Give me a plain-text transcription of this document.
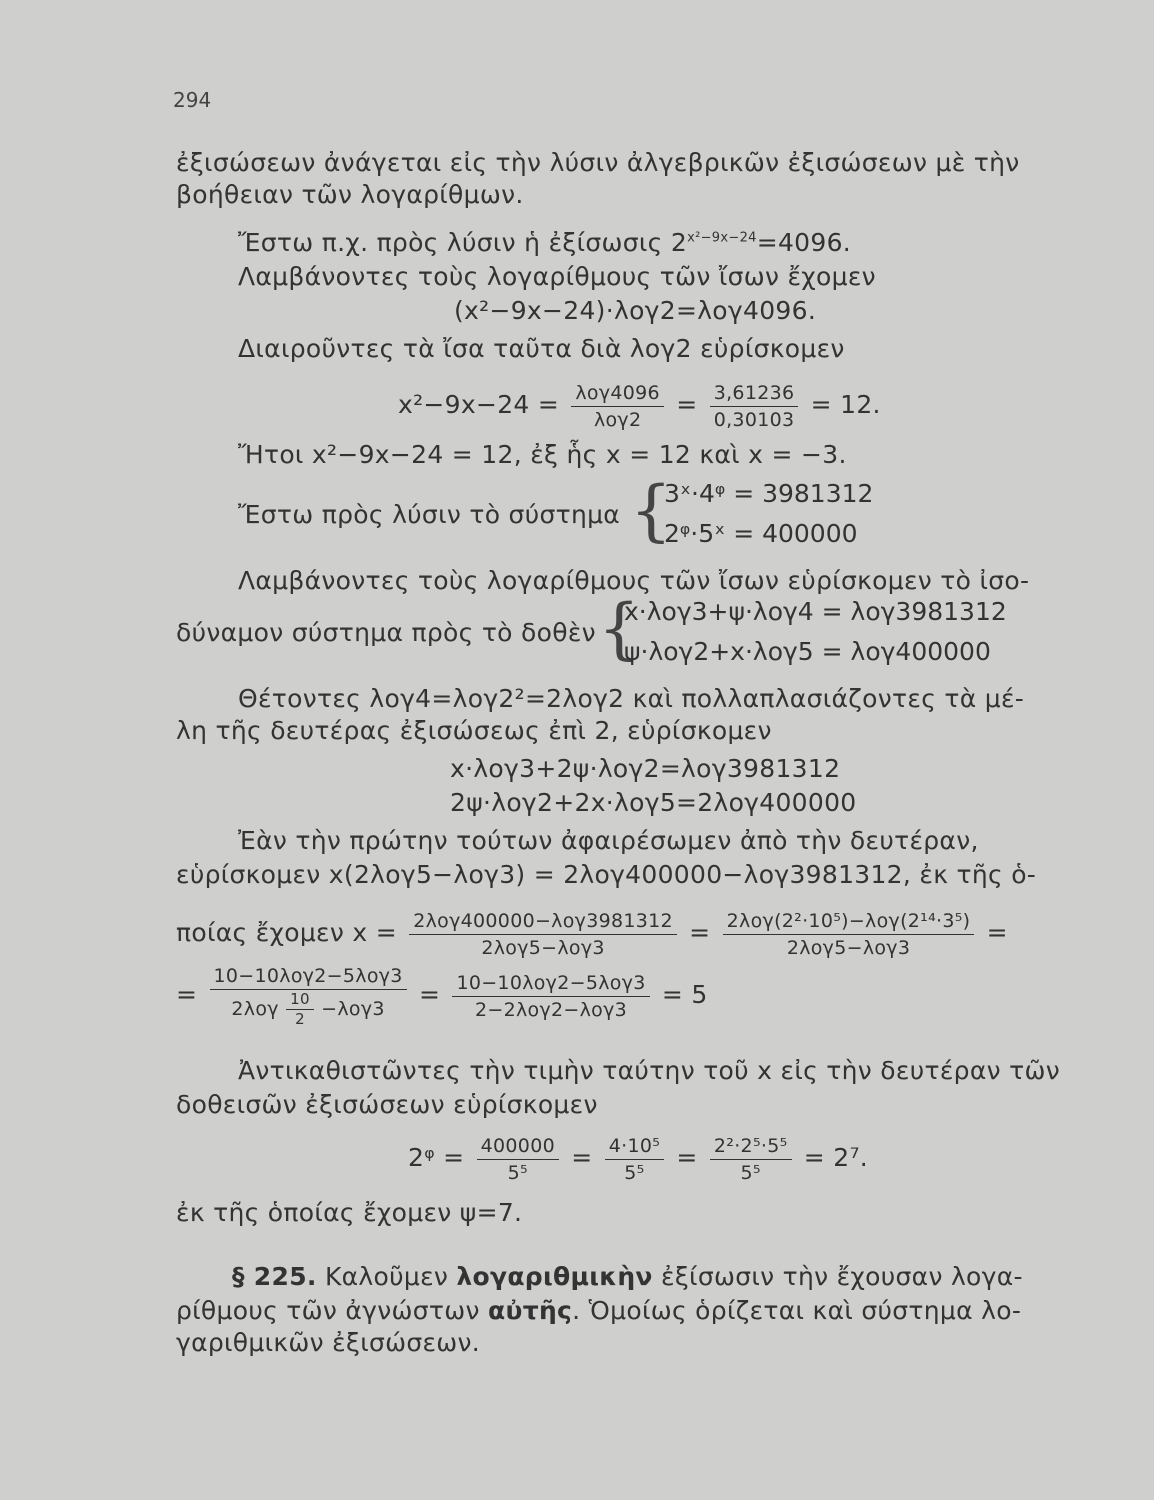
294
ἐξισώσεων ἀνάγεται εἰς τὴν λύσιν ἀλγεβρικῶν ἐξισώσεων μὲ τὴν
βοήθειαν τῶν λογαρίθμων.
Ἔστω π.χ. πρὸς λύσιν ἡ ἐξίσωσις $2^{x^2-9x-24}=4096$.
Λαμβάνοντες τοὺς λογαρίθμους τῶν ἴσων ἔχομεν
(x²−9x−24)·λογ2=λογ4096.
Διαιροῦντες τὰ ἴσα ταῦτα διὰ λογ2 εὑρίσκομεν
$x^2-9x-24 = \frac{\text{λογ4096}}{\text{λογ2}} = \frac{3,61236}{0,30103} = 12$.
Ἤτοι x²−9x−24 = 12, ἐξ ἧς x = 12 καὶ x = −3.
Ἔστω πρὸς λύσιν τὸ σύστημα {
3ˣ·4ᵠ = 3981312
2ᵠ·5ˣ = 400000
Λαμβάνοντες τοὺς λογαρίθμους τῶν ἴσων εὑρίσκομεν τὸ ἰσο-
δύναμον σύστημα πρὸς τὸ δοθὲν {
x·λογ3+ψ·λογ4 = λογ3981312
ψ·λογ2+x·λογ5 = λογ400000
Θέτοντες λογ4=λογ2²=2λογ2 καὶ πολλαπλασιάζοντες τὰ μέ-
λη τῆς δευτέρας ἐξισώσεως ἐπὶ 2, εὑρίσκομεν
x·λογ3+2ψ·λογ2=λογ3981312
2ψ·λογ2+2x·λογ5=2λογ400000
Ἐὰν τὴν πρώτην τούτων ἀφαιρέσωμεν ἀπὸ τὴν δευτέραν,
εὑρίσκομεν x(2λογ5−λογ3) = 2λογ400000−λογ3981312, ἐκ τῆς ὁ-
ποίας ἔχομεν $x = \frac{\text{2λογ400000−λογ3981312}}{\text{2λογ5−λογ3}} = \frac{\text{2λογ(2²·10⁵)−λογ(2¹⁴·3⁵)}}{\text{2λογ5−λογ3}}$ =
= $\frac{\text{10−10λογ2−5λογ3}}{2\lambda o\gamma \frac{10}{2} -\lambda o\gamma 3} = \frac{\text{10−10λογ2−5λογ3}}{\text{2−2λογ2−λογ3}} = 5$
Ἀντικαθιστῶντες τὴν τιμὴν ταύτην τοῦ x εἰς τὴν δευτέραν τῶν
δοθεισῶν ἐξισώσεων εὑρίσκομεν
2ᵠ = $\frac{400000}{\text{5⁵}} = \frac{\text{4·10⁵}}{\text{5⁵}} = \frac{\text{2²·2⁵·5⁵}}{\text{5⁵}} = 2^7$.
ἐκ τῆς ὁποίας ἔχομεν ψ=7.
§ 225. Καλοῦμεν λογαριθμικὴν ἐξίσωσιν τὴν ἔχουσαν λογα-
ρίθμους τῶν ἀγνώστων αὐτῆς. Ὁμοίως ὁρίζεται καὶ σύστημα λο-
γαριθμικῶν ἐξισώσεων.
